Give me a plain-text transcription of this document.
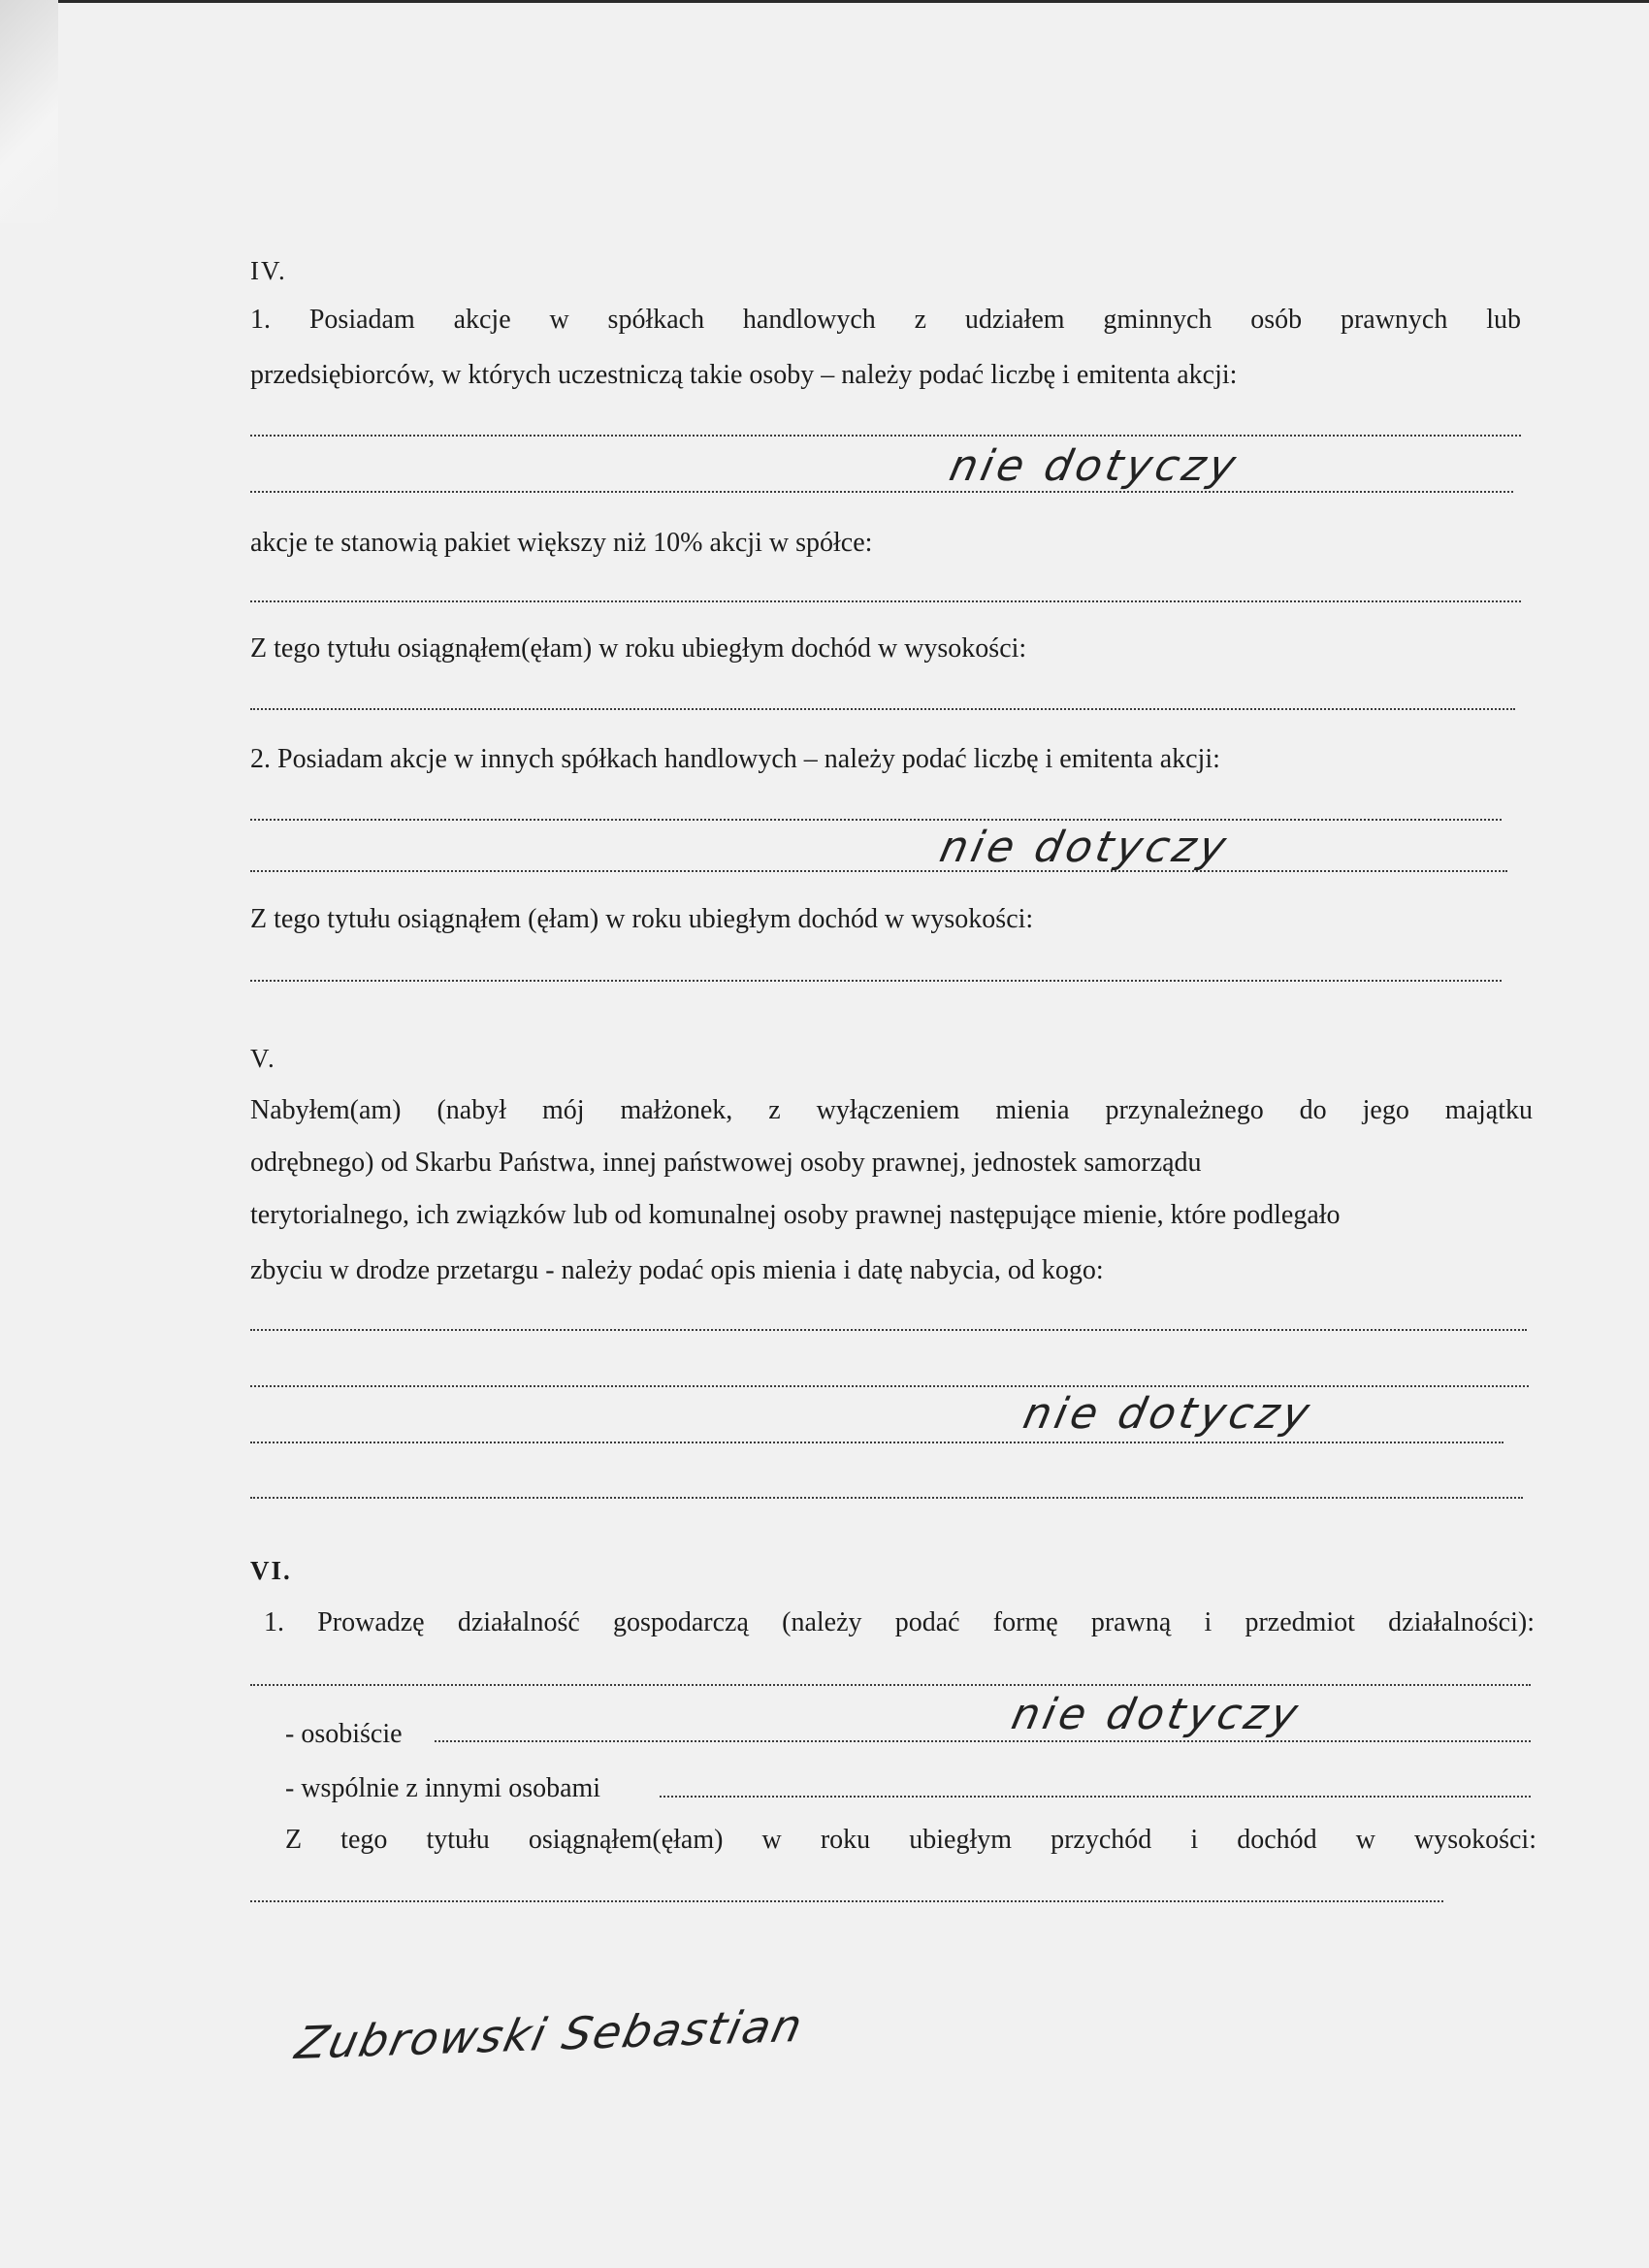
IV.
1. Posiadam akcje w spółkach handlowych z udziałem gminnych osób prawnych lub
przedsiębiorców, w których uczestniczą takie osoby – należy podać liczbę i emitenta akcji:
nie dotyczy
akcje te stanowią pakiet większy niż 10% akcji w spółce:
Z tego tytułu osiągnąłem(ęłam) w roku ubiegłym dochód w wysokości:
2. Posiadam akcje w innych spółkach handlowych – należy podać liczbę i emitenta akcji:
nie dotyczy
Z tego tytułu osiągnąłem (ęłam) w roku ubiegłym dochód w wysokości:
V.
Nabyłem(am) (nabył mój małżonek, z wyłączeniem mienia przynależnego do jego majątku
odrębnego) od Skarbu Państwa, innej państwowej osoby prawnej, jednostek samorządu
terytorialnego, ich związków lub od komunalnej osoby prawnej następujące mienie, które podlegało
zbyciu w drodze przetargu - należy podać opis mienia i datę nabycia, od kogo:
nie dotyczy
VI.
1. Prowadzę działalność gospodarczą (należy podać formę prawną i przedmiot działalności):
- osobiście	nie dotyczy
- wspólnie z innymi osobami
Z tego tytułu osiągnąłem(ęłam) w roku ubiegłym przychód i dochód w wysokości:
Zubrowski Sebastian
